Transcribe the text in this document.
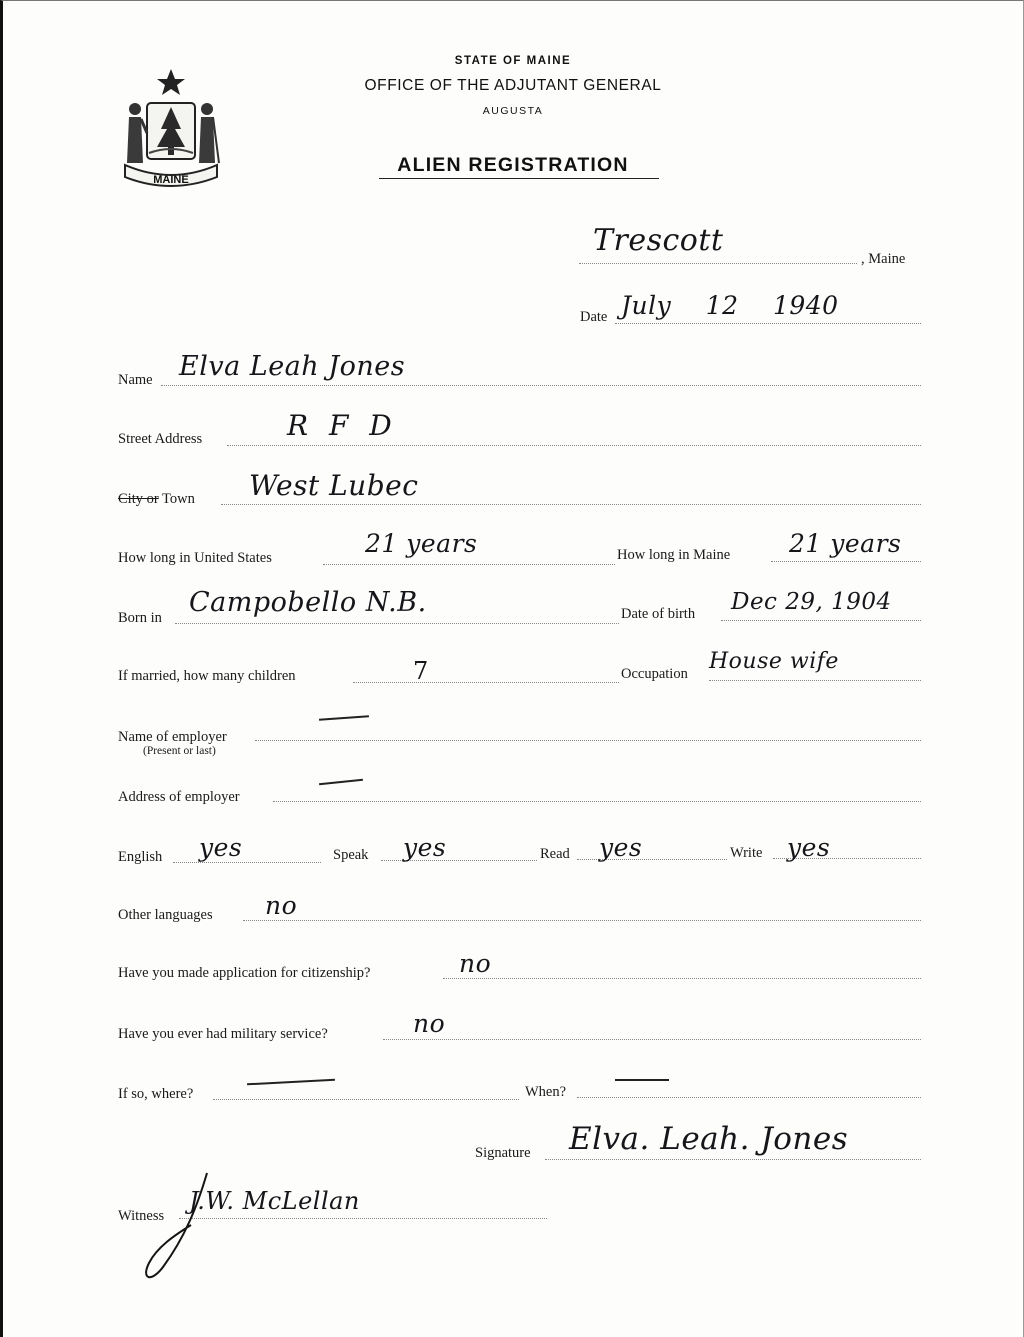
MAINE
STATE OF MAINE
OFFICE OF THE ADJUTANT GENERAL
AUGUSTA
ALIEN REGISTRATION
Trescott
, Maine
Date July 12 1940
Name Elva Leah Jones
Street Address	R F D
City or Town West Lubec
How long in United States	21 years	How long in Maine 21 years
Born in Campobello N.B.	Date of birth Dec 29, 1904
If married, how many children	7	Occupation House wife
Name of employer
(Present or last)
Address of employer
English yes	Speak yes	Read yes	Write yes
Other languages no
Have you made application for citizenship?	no
Have you ever had military service?	no
If so, where?	When?
Signature Elva. Leah. Jones
Witness
J.W. McLellan
